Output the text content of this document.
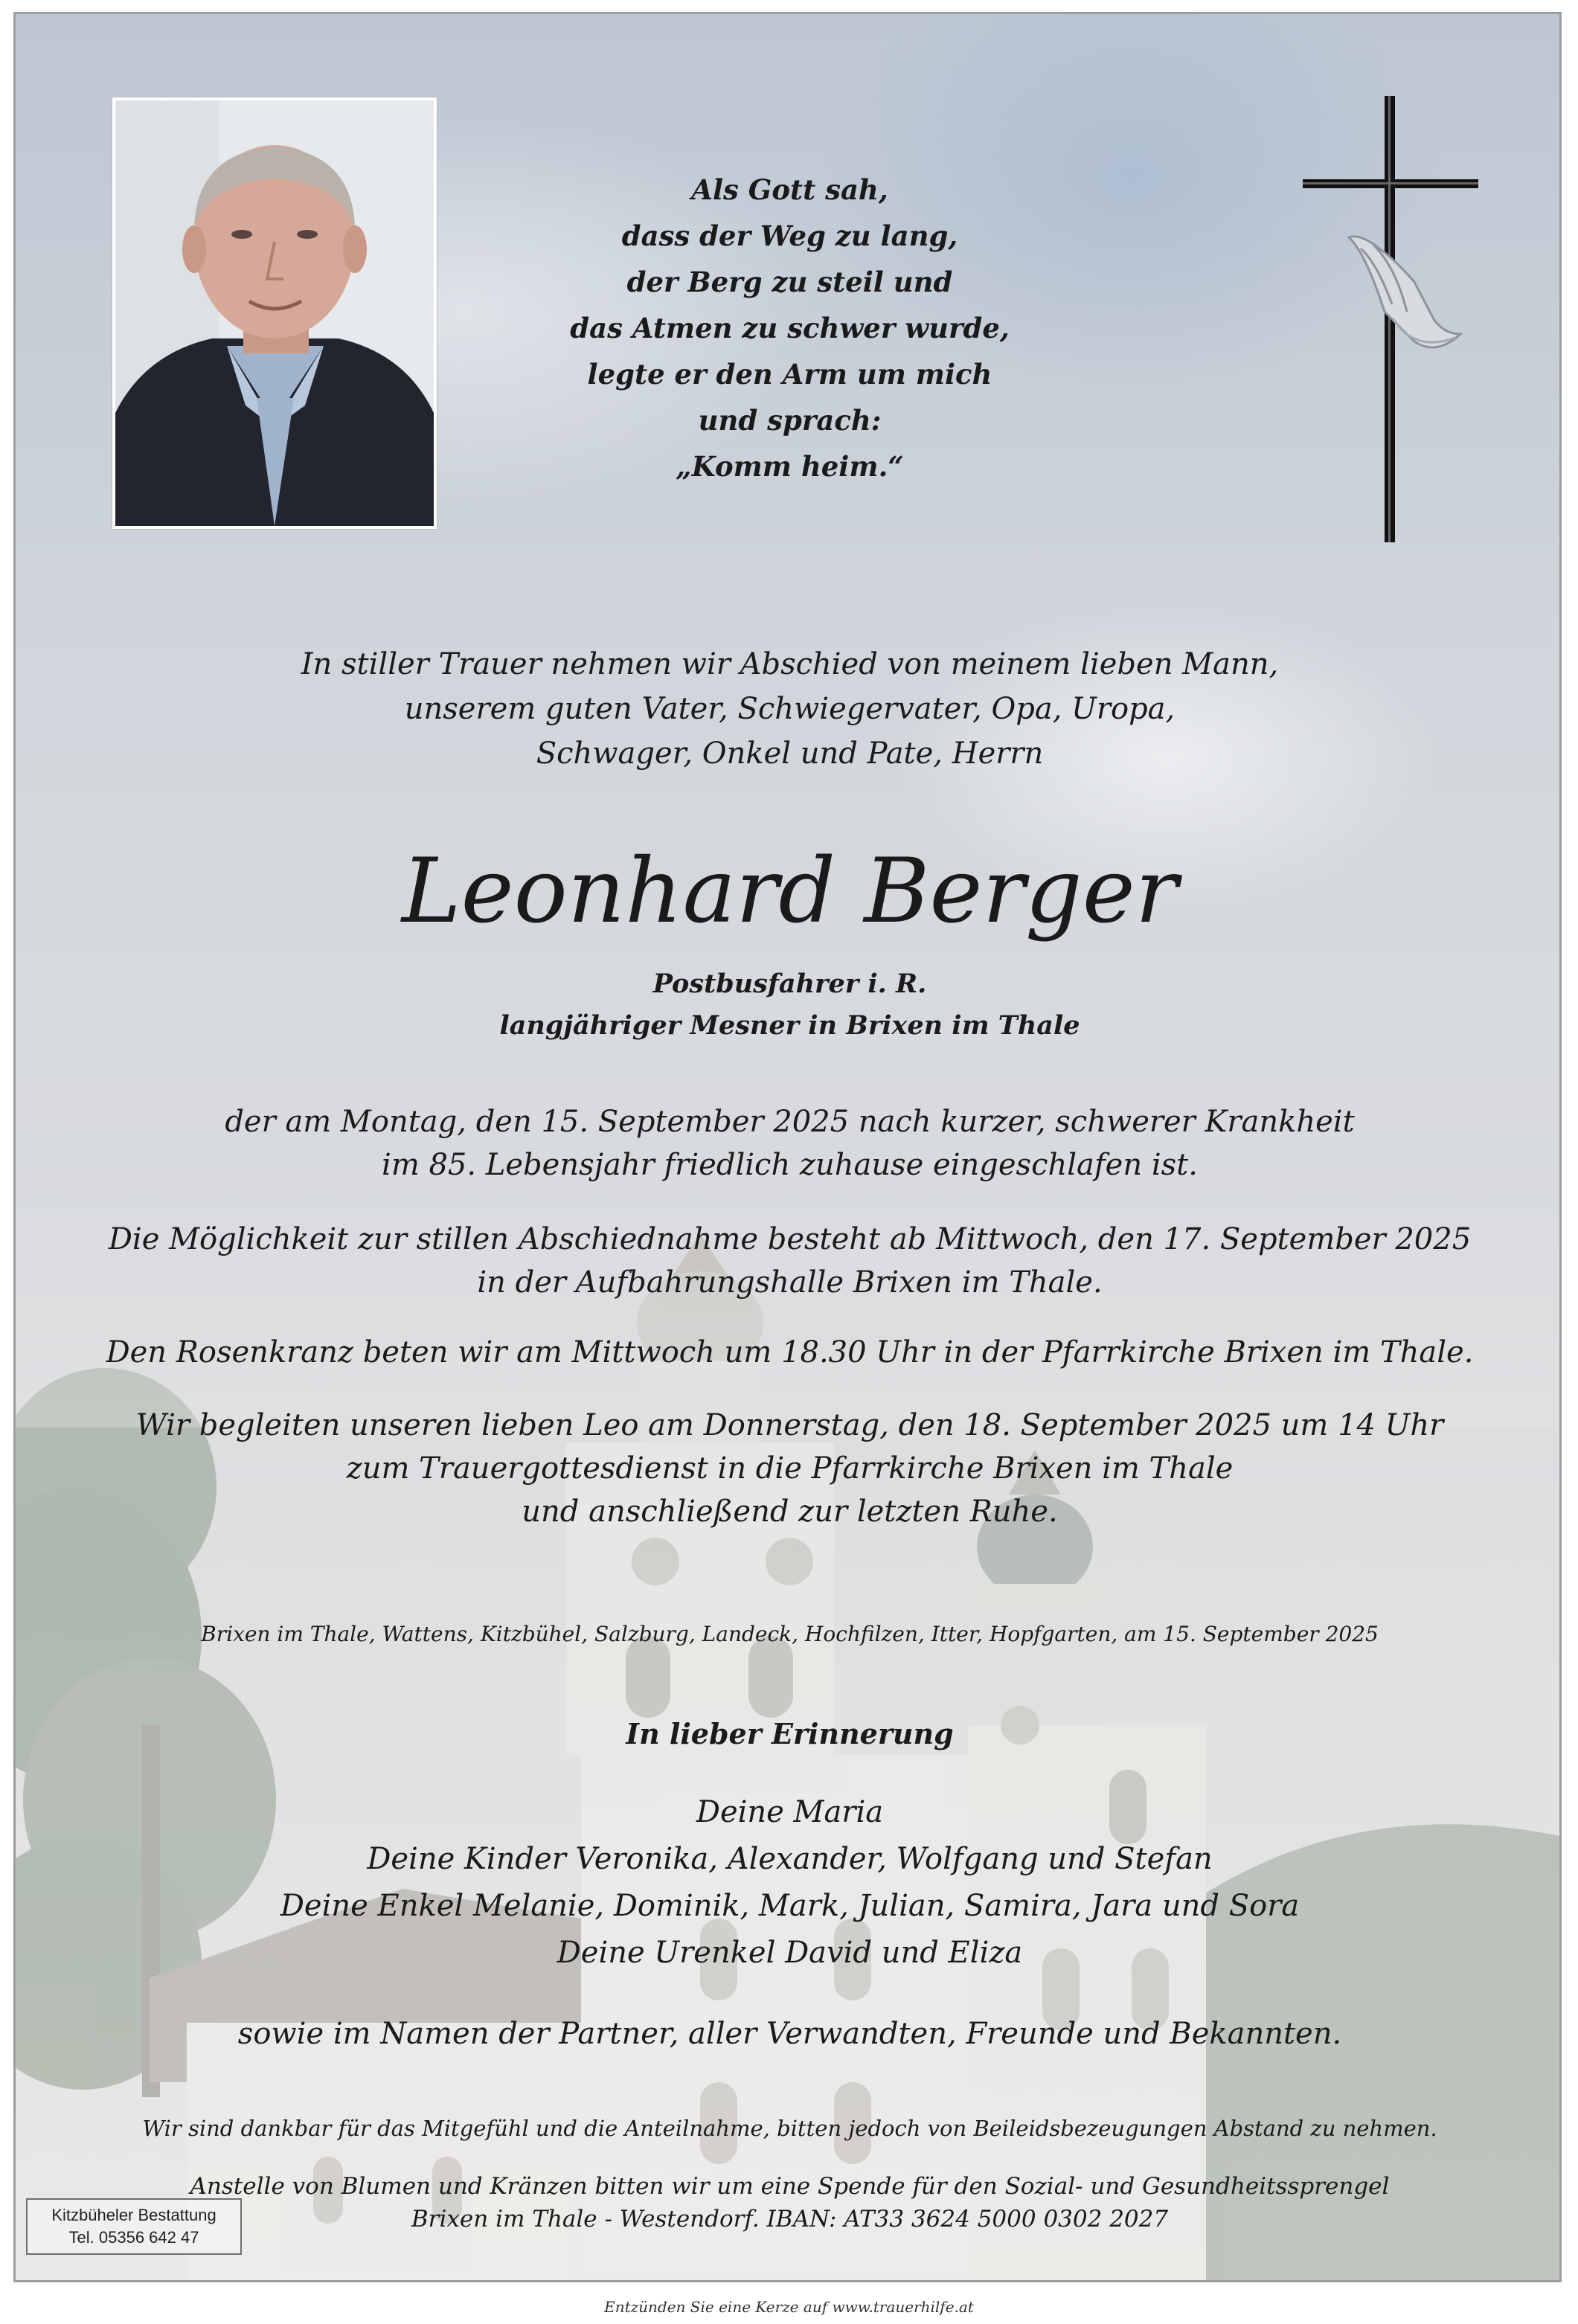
Als Gott sah,
dass der Weg zu lang,
der Berg zu steil und
das Atmen zu schwer wurde,
legte er den Arm um mich
und sprach:
„Komm heim.“
In stiller Trauer nehmen wir Abschied von meinem lieben Mann,
unserem guten Vater, Schwiegervater, Opa, Uropa,
Schwager, Onkel und Pate, Herrn
Leonhard Berger
Postbusfahrer i. R.
langjähriger Mesner in Brixen im Thale
der am Montag, den 15. September 2025 nach kurzer, schwerer Krankheit
im 85. Lebensjahr friedlich zuhause eingeschlafen ist.
Die Möglichkeit zur stillen Abschiednahme besteht ab Mittwoch, den 17. September 2025
in der Aufbahrungshalle Brixen im Thale.
Den Rosenkranz beten wir am Mittwoch um 18.30 Uhr in der Pfarrkirche Brixen im Thale.
Wir begleiten unseren lieben Leo am Donnerstag, den 18. September 2025 um 14 Uhr
zum Trauergottesdienst in die Pfarrkirche Brixen im Thale
und anschließend zur letzten Ruhe.
Brixen im Thale, Wattens, Kitzbühel, Salzburg, Landeck, Hochfilzen, Itter, Hopfgarten, am 15. September 2025
In lieber Erinnerung
Deine Maria
Deine Kinder Veronika, Alexander, Wolfgang und Stefan
Deine Enkel Melanie, Dominik, Mark, Julian, Samira, Jara und Sora
Deine Urenkel David und Eliza
sowie im Namen der Partner, aller Verwandten, Freunde und Bekannten.
Wir sind dankbar für das Mitgefühl und die Anteilnahme, bitten jedoch von Beileidsbezeugungen Abstand zu nehmen.
Anstelle von Blumen und Kränzen bitten wir um eine Spende für den Sozial- und Gesundheitssprengel
Brixen im Thale - Westendorf. IBAN: AT33 3624 5000 0302 2027
Kitzbüheler Bestattung
Tel. 05356 642 47
Entzünden Sie eine Kerze auf www.trauerhilfe.at
